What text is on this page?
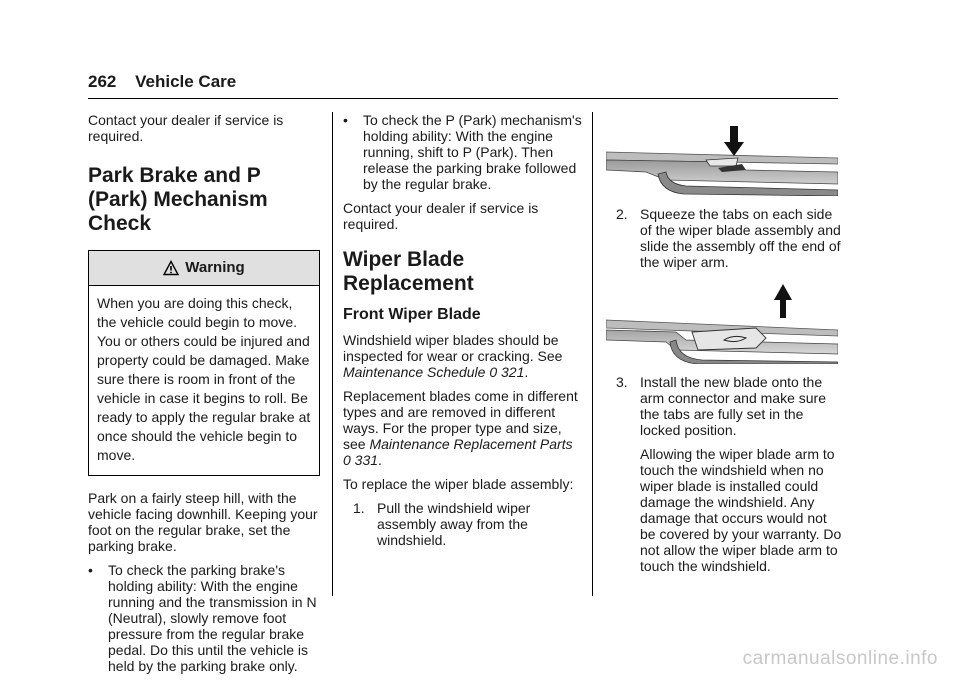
262 Vehicle Care

Contact your dealer if service is required.

Park Brake and P (Park) Mechanism Check
Warning
When you are doing this check, the vehicle could begin to move. You or others could be injured and property could be damaged. Make sure there is room in front of the vehicle in case it begins to roll. Be ready to apply the regular brake at once should the vehicle begin to move.

Park on a fairly steep hill, with the vehicle facing downhill. Keeping your foot on the regular brake, set the parking brake.

•	To check the parking brake's holding ability: With the engine running and the transmission in N (Neutral), slowly remove foot pressure from the regular brake pedal. Do this until the vehicle is held by the parking brake only.
•	To check the P (Park) mechanism's holding ability: With the engine running, shift to P (Park). Then release the parking brake followed by the regular brake.

Contact your dealer if service is required.

Wiper Blade Replacement
Front Wiper Blade

Windshield wiper blades should be inspected for wear or cracking. See Maintenance Schedule 0 321.

Replacement blades come in different types and are removed in different ways. For the proper type and size, see Maintenance Replacement Parts 0 331.

To replace the wiper blade assembly:

1. Pull the windshield wiper assembly away from the windshield.
2. Squeeze the tabs on each side of the wiper blade assembly and slide the assembly off the end of the wiper arm.
3. Install the new blade onto the arm connector and make sure the tabs are fully set in the locked position.

Allowing the wiper blade arm to touch the windshield when no wiper blade is installed could damage the windshield. Any damage that occurs would not be covered by your warranty. Do not allow the wiper blade arm to touch the windshield.

carmanualsonline.info
